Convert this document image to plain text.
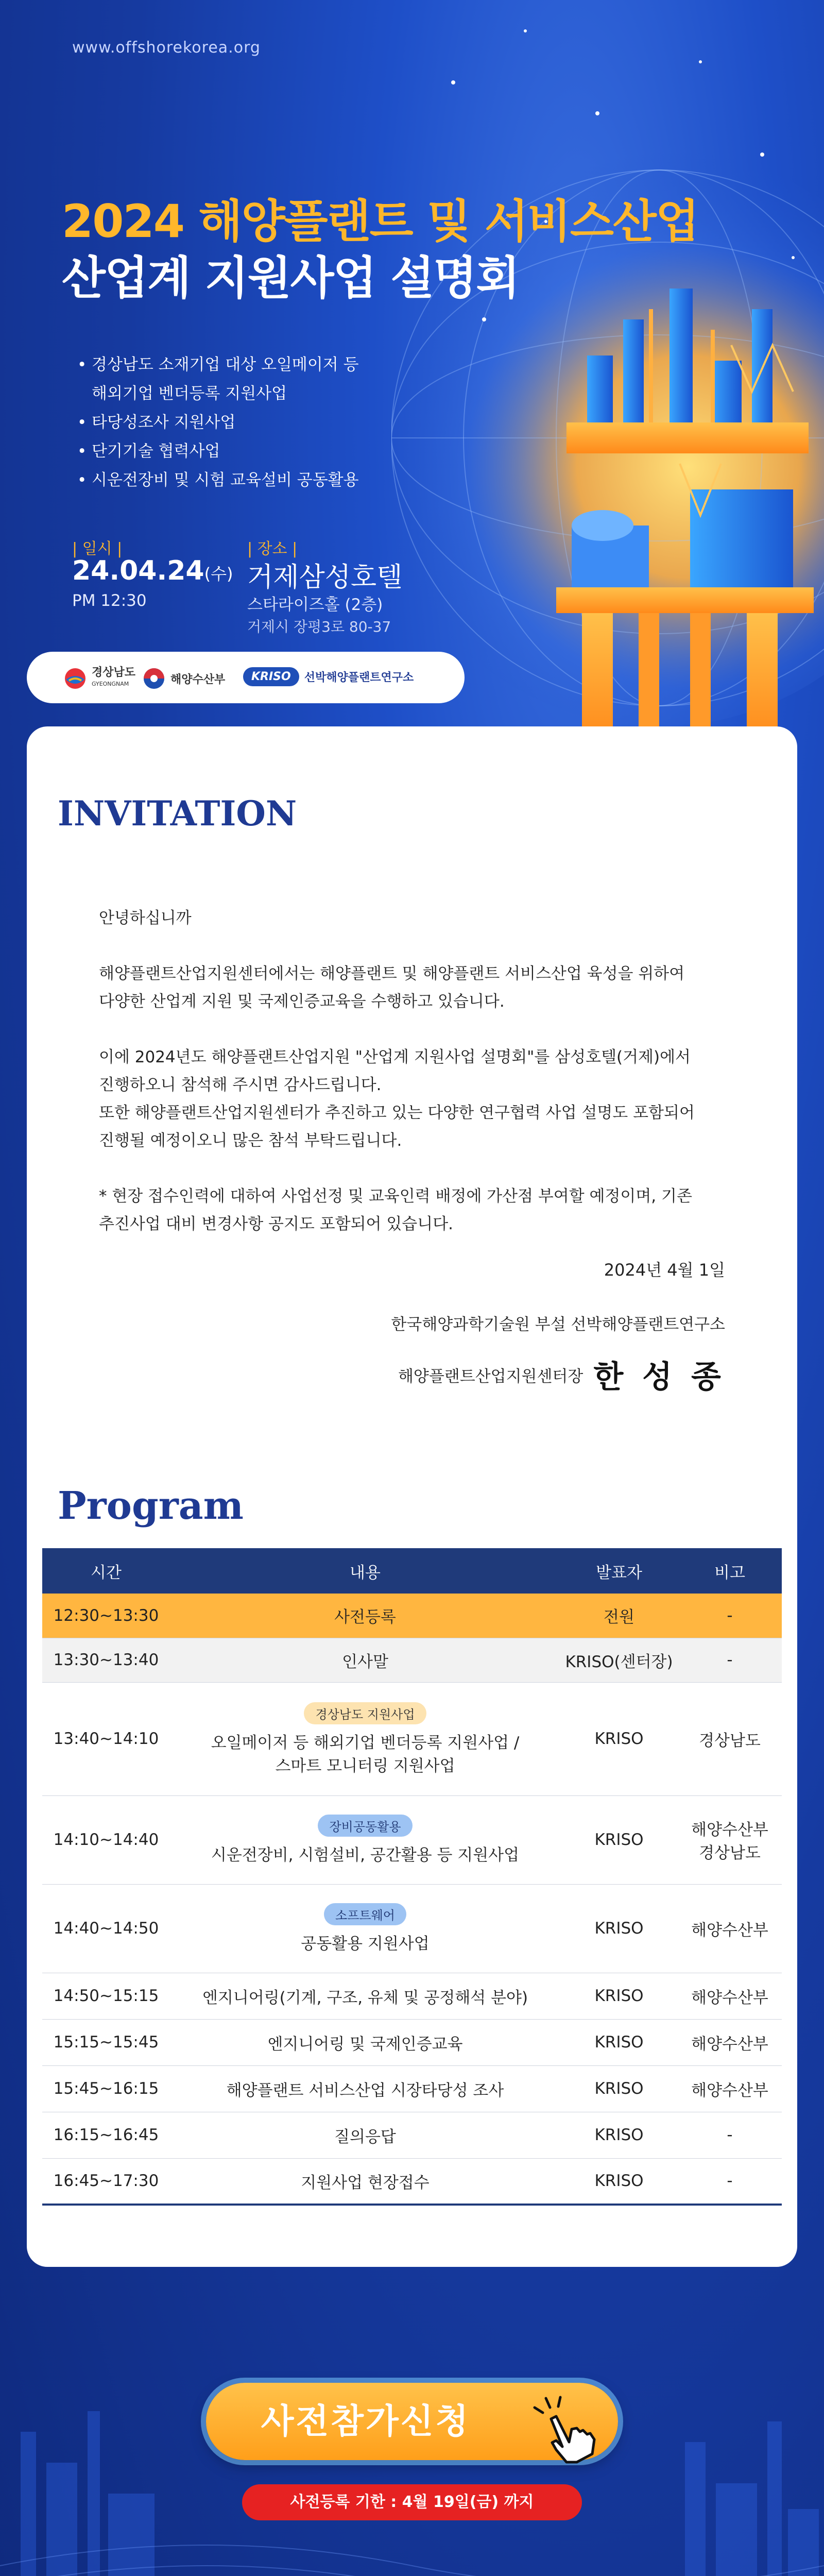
www.offshorekorea.org
2024 해양플랜트 및 서비스산업
산업계 지원사업 설명회
• 경상남도 소재기업 대상 오일메이저 등
해외기업 벤더등록 지원사업
• 타당성조사 지원사업
• 단기기술 협력사업
• 시운전장비 및 시험 교육설비 공동활용
| 일시 |
24.04.24(수)
PM 12:30
| 장소 |
거제삼성호텔
스타라이즈홀 (2층)
거제시 장평3로 80-37
경상남도
GYEONGNAM	해양수산부	KRISO	선박해양플랜트연구소
INVITATION

안녕하십니까

해양플랜트산업지원센터에서는 해양플랜트 및 해양플랜트 서비스산업 육성을 위하여
다양한 산업계 지원 및 국제인증교육을 수행하고 있습니다.

이에 2024년도 해양플랜트산업지원 "산업계 지원사업 설명회"를 삼성호텔(거제)에서
진행하오니 참석해 주시면 감사드립니다.
또한 해양플랜트산업지원센터가 추진하고 있는 다양한 연구협력 사업 설명도 포함되어
진행될 예정이오니 많은 참석 부탁드립니다.

* 현장 접수인력에 대하여 사업선정 및 교육인력 배정에 가산점 부여할 예정이며, 기존
추진사업 대비 변경사항 공지도 포함되어 있습니다.

2024년 4월 1일
한국해양과학기술원 부설 선박해양플랜트연구소
해양플랜트산업지원센터장 한 성 종
Program
시간	내용	발표자	비고
12:30~13:30	사전등록	전원	-
13:30~13:40	인사말	KRISO(센터장)	-
13:40~14:10	경상남도 지원사업
오일메이저 등 해외기업 벤더등록 지원사업 /
스마트 모니터링 지원사업	KRISO	경상남도
14:10~14:40	장비공동활용
시운전장비, 시험설비, 공간활용 등 지원사업	KRISO	해양수산부
경상남도
14:40~14:50	소프트웨어
공동활용 지원사업	KRISO	해양수산부
14:50~15:15	엔지니어링(기계, 구조, 유체 및 공정해석 분야)	KRISO	해양수산부
15:15~15:45	엔지니어링 및 국제인증교육	KRISO	해양수산부
15:45~16:15	해양플랜트 서비스산업 시장타당성 조사	KRISO	해양수산부
16:15~16:45	질의응답	KRISO	-
16:45~17:30	지원사업 현장접수	KRISO	-
사전참가신청
사전등록 기한 : 4월 19일(금) 까지
